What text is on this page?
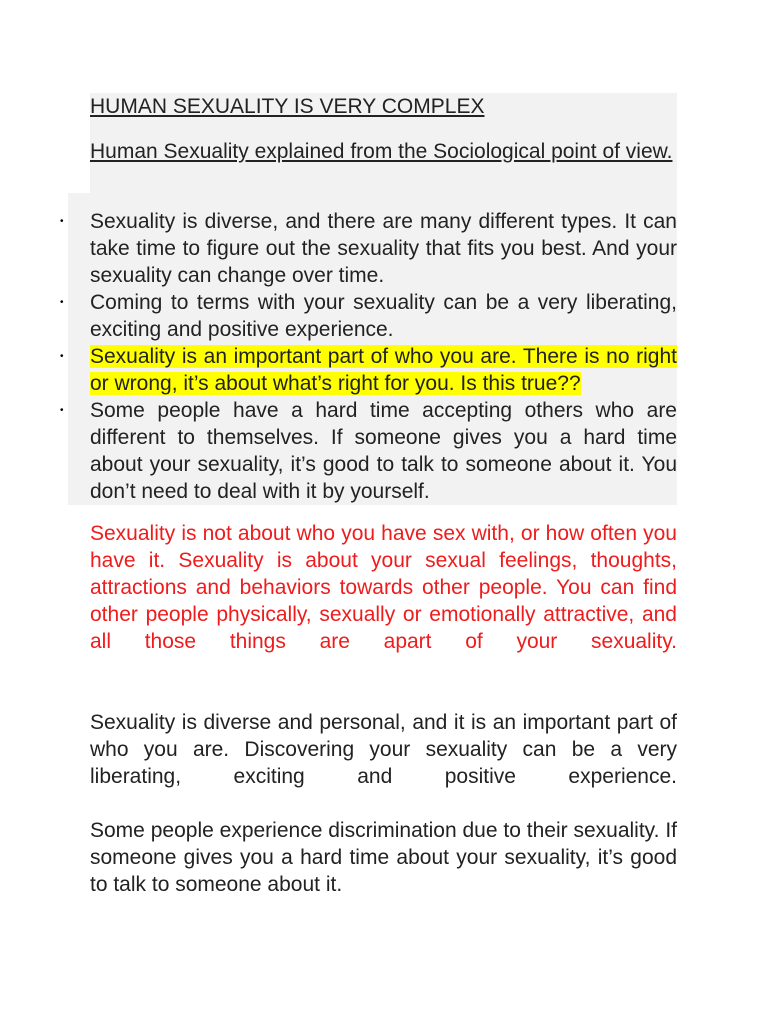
HUMAN SEXUALITY IS VERY COMPLEX

Human Sexuality explained from the Sociological point of view.

•	Sexuality is diverse, and there are many different types. It can take time to figure out the sexuality that fits you best. And your sexuality can change over time.
•	Coming to terms with your sexuality can be a very liberating, exciting and positive experience.
•	Sexuality is an important part of who you are. There is no right or wrong, it’s about what’s right for you. Is this true??
•	Some people have a hard time accepting others who are different to themselves. If someone gives you a hard time about your sexuality, it’s good to talk to someone about it. You don’t need to deal with it by yourself.

Sexuality is not about who you have sex with, or how often you have it. Sexuality is about your sexual feelings, thoughts, attractions and behaviors towards other people. You can find other people physically, sexually or emotionally attractive, and all those things are apart of your sexuality.

Sexuality is diverse and personal, and it is an important part of who you are. Discovering your sexuality can be a very liberating, exciting and positive experience.

Some people experience discrimination due to their sexuality. If someone gives you a hard time about your sexuality, it’s good to talk to someone about it.
